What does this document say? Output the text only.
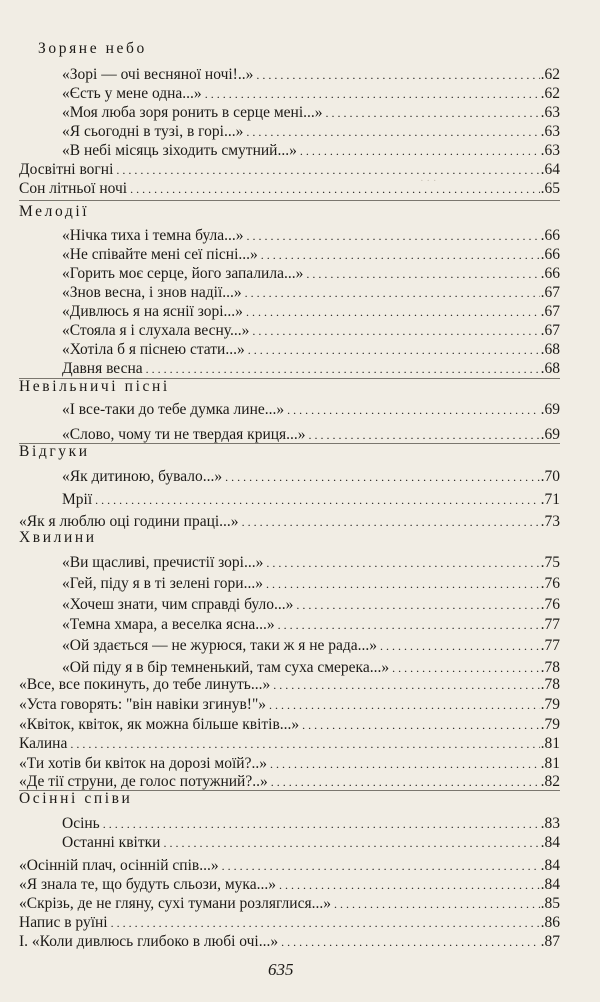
· · ·
Зоряне небо
«Зорі — очі весняної ночі!..» . . .	.62
«Єсть у мене одна...» . . .	.62
«Моя люба зоря ронить в серце мені...» . . .	.63
«Я сьогодні в тузі, в горі...» . . .	.63
«В небі місяць зіходить смутний...» . . .	.63
Досвітні вогні . . .	.64
Сон літньої ночі . . .	.65
Мелодії
«Нічка тиха і темна була...» . . .	.66
«Не співайте мені сеї пісні...» . . .	.66
«Горить моє серце, його запалила...» . . .	.66
«Знов весна, і знов надії...» . . .	.67
«Дивлюсь я на яснії зорі...» . . .	.67
«Стояла я і слухала весну...» . . .	.67
«Хотіла б я піснею стати...» . . .	.68
Давня весна . . .	.68
Невільничі пісні
«І все-таки до тебе думка лине...» . . .	.69
«Слово, чому ти не твердая криця...» . . .	.69
Відгуки
«Як дитиною, бувало...» . . .	.70
Мрії . . .	.71
«Як я люблю оці години праці...» . . .	.73
Хвилини
«Ви щасливі, пречистії зорі...» . . .	.75
«Гей, піду я в ті зелені гори...» . . .	.76
«Хочеш знати, чим справді було...» . . .	.76
«Темна хмара, а веселка ясна...» . . .	.77
«Ой здається — не журюся, таки ж я не рада...» . . .	.77
«Ой піду я в бір темненький, там суха смерека...» . . .	.78
«Все, все покинуть, до тебе линуть...» . . .	.78
«Уста говорять: "він навіки згинув!"» . . .	.79
«Квіток, квіток, як можна більше квітів...» . . .	.79
Калина . . .	.81
«Ти хотів би квіток на дорозі моїй?..» . . .	.81
«Де тії струни, де голос потужний?..» . . .	.82
Осінні співи
Осінь . . .	.83
Останні квітки . . .	.84
«Осінній плач, осінній спів...» . . .	.84
«Я знала те, що будуть сльози, мука...» . . .	.84
«Скрізь, де не гляну, сухі тумани розляглися...» . . .	.85
Напис в руїні . . .	.86
I. «Коли дивлюсь глибоко в любі очі...» . . .	.87
635
